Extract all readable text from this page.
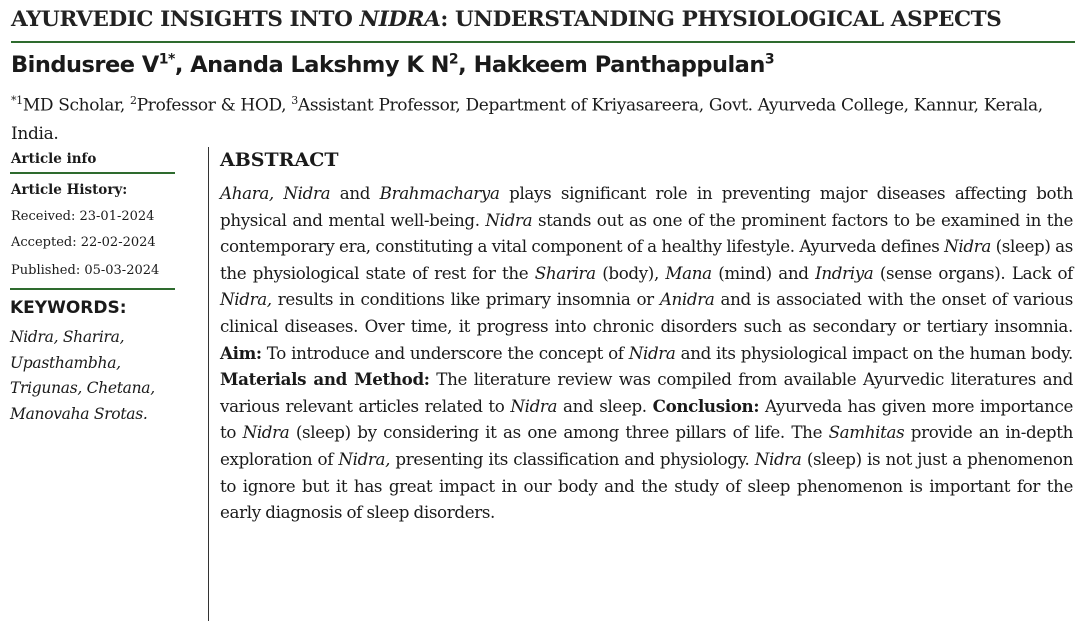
AYURVEDIC INSIGHTS INTO NIDRA: UNDERSTANDING PHYSIOLOGICAL ASPECTS
Bindusree $V^{1*}$, Ananda Lakshmy K $N^2$, Hakkeem Panthappulan$^3$
$^{*1}$MD Scholar, $^2$Professor & HOD, $^3$Assistant Professor, Department of Kriyasareera, Govt. Ayurveda College, Kannur, Kerala, India.
Article info
Article History:
Received: 23-01-2024
Accepted: 22-02-2024
Published: 05-03-2024
KEYWORDS:
Nidra, Sharira,
Upasthambha,
Trigunas, Chetana,
Manovaha Srotas.
ABSTRACT
Ahara, Nidra and Brahmacharya plays significant role in preventing major diseases affecting both physical and mental well-being. Nidra stands out as one of the prominent factors to be examined in the contemporary era, constituting a vital component of a healthy lifestyle. Ayurveda defines Nidra (sleep) as the physiological state of rest for the Sharira (body), Mana (mind) and Indriya (sense organs). Lack of Nidra, results in conditions like primary insomnia or Anidra and is associated with the onset of various clinical diseases. Over time, it progress into chronic disorders such as secondary or tertiary insomnia. Aim: To introduce and underscore the concept of Nidra and its physiological impact on the human body. Materials and Method: The literature review was compiled from available Ayurvedic literatures and various relevant articles related to Nidra and sleep. Conclusion: Ayurveda has given more importance to Nidra (sleep) by considering it as one among three pillars of life. The Samhitas provide an in-depth exploration of Nidra, presenting its classification and physiology. Nidra (sleep) is not just a phenomenon to ignore but it has great impact in our body and the study of sleep phenomenon is important for the early diagnosis of sleep disorders.
